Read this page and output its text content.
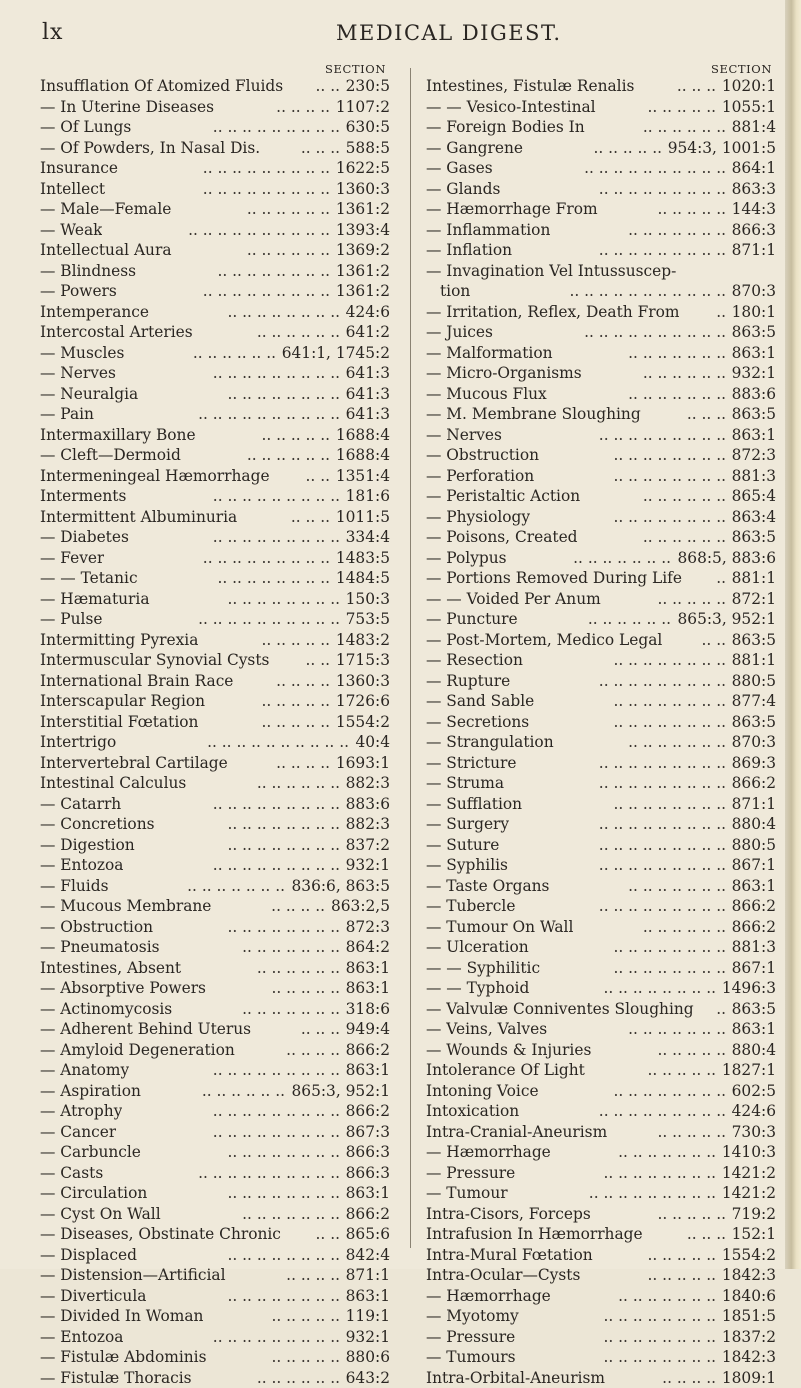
lx	MEDICAL DIGEST.
SECTION
Insufflation Of Atomized Fluids	.. .. 230:5
— In Uterine Diseases	.. .. .. .. 1107:2
— Of Lungs	.. .. .. .. .. .. .. .. .. 630:5
— Of Powders, In Nasal Dis.	.. .. .. 588:5
Insurance	.. .. .. .. .. .. .. .. .. 1622:5
Intellect	.. .. .. .. .. .. .. .. .. 1360:3
— Male—Female	.. .. .. .. .. .. 1361:2
— Weak	.. .. .. .. .. .. .. .. .. .. 1393:4
Intellectual Aura	.. .. .. .. .. .. 1369:2
— Blindness	.. .. .. .. .. .. .. .. 1361:2
— Powers	.. .. .. .. .. .. .. .. .. 1361:2
Intemperance	.. .. .. .. .. .. .. .. 424:6
Intercostal Arteries	.. .. .. .. .. .. 641:2
— Muscles	.. .. .. .. .. .. 641:1, 1745:2
— Nerves	.. .. .. .. .. .. .. .. .. 641:3
— Neuralgia	.. .. .. .. .. .. .. .. 641:3
— Pain	.. .. .. .. .. .. .. .. .. .. 641:3
Intermaxillary Bone	.. .. .. .. .. 1688:4
— Cleft—Dermoid	.. .. .. .. .. .. 1688:4
Intermeningeal Hæmorrhage	.. .. 1351:4
Interments	.. .. .. .. .. .. .. .. .. 181:6
Intermittent Albuminuria	.. .. .. 1011:5
— Diabetes	.. .. .. .. .. .. .. .. .. 334:4
— Fever	.. .. .. .. .. .. .. .. .. 1483:5
— — Tetanic	.. .. .. .. .. .. .. .. 1484:5
— Hæmaturia	.. .. .. .. .. .. .. .. 150:3
— Pulse	.. .. .. .. .. .. .. .. .. .. 753:5
Intermitting Pyrexia	.. .. .. .. .. 1483:2
Intermuscular Synovial Cysts	.. .. 1715:3
International Brain Race	.. .. .. .. 1360:3
Interscapular Region	.. .. .. .. .. 1726:6
Interstitial Fœtation	.. .. .. .. .. 1554:2
Intertrigo	.. .. .. .. .. .. .. .. .. .. 40:4
Intervertebral Cartilage	.. .. .. .. 1693:1
Intestinal Calculus	.. .. .. .. .. .. 882:3
— Catarrh	.. .. .. .. .. .. .. .. .. 883:6
— Concretions	.. .. .. .. .. .. .. .. 882:3
— Digestion	.. .. .. .. .. .. .. .. 837:2
— Entozoa	.. .. .. .. .. .. .. .. .. 932:1
— Fluids	.. .. .. .. .. .. .. 836:6, 863:5
— Mucous Membrane	.. .. .. .. 863:2,5
— Obstruction	.. .. .. .. .. .. .. .. 872:3
— Pneumatosis	.. .. .. .. .. .. .. 864:2
Intestines, Absent	.. .. .. .. .. .. 863:1
— Absorptive Powers	.. .. .. .. .. 863:1
— Actinomycosis	.. .. .. .. .. .. .. 318:6
— Adherent Behind Uterus	.. .. .. 949:4
— Amyloid Degeneration	.. .. .. .. 866:2
— Anatomy	.. .. .. .. .. .. .. .. .. 863:1
— Aspiration	.. .. .. .. .. .. 865:3, 952:1
— Atrophy	.. .. .. .. .. .. .. .. .. 866:2
— Cancer	.. .. .. .. .. .. .. .. .. 867:3
— Carbuncle	.. .. .. .. .. .. .. .. 866:3
— Casts	.. .. .. .. .. .. .. .. .. .. 866:3
— Circulation	.. .. .. .. .. .. .. .. 863:1
— Cyst On Wall	.. .. .. .. .. .. .. 866:2
— Diseases, Obstinate Chronic	.. .. 865:6
— Displaced	.. .. .. .. .. .. .. .. 842:4
— Distension—Artificial	.. .. .. .. 871:1
— Diverticula	.. .. .. .. .. .. .. .. 863:1
— Divided In Woman	.. .. .. .. .. 119:1
— Entozoa	.. .. .. .. .. .. .. .. .. 932:1
— Fistulæ Abdominis	.. .. .. .. .. 880:6
— Fistulæ Thoracis	.. .. .. .. .. .. 643:2
SECTION
Intestines, Fistulæ Renalis	.. .. .. 1020:1
— — Vesico-Intestinal	.. .. .. .. .. 1055:1
— Foreign Bodies In	.. .. .. .. .. .. 881:4
— Gangrene	.. .. .. .. .. 954:3, 1001:5
— Gases	.. .. .. .. .. .. .. .. .. .. 864:1
— Glands	.. .. .. .. .. .. .. .. .. 863:3
— Hæmorrhage From	.. .. .. .. .. 144:3
— Inflammation	.. .. .. .. .. .. .. 866:3
— Inflation	.. .. .. .. .. .. .. .. .. 871:1
— Invagination Vel Intussuscep-
tion	.. .. .. .. .. .. .. .. .. .. .. 870:3
— Irritation, Reflex, Death From	.. 180:1
— Juices	.. .. .. .. .. .. .. .. .. .. 863:5
— Malformation	.. .. .. .. .. .. .. 863:1
— Micro-Organisms	.. .. .. .. .. .. 932:1
— Mucous Flux	.. .. .. .. .. .. .. 883:6
— M. Membrane Sloughing	.. .. .. 863:5
— Nerves	.. .. .. .. .. .. .. .. .. 863:1
— Obstruction	.. .. .. .. .. .. .. .. 872:3
— Perforation	.. .. .. .. .. .. .. .. 881:3
— Peristaltic Action	.. .. .. .. .. .. 865:4
— Physiology	.. .. .. .. .. .. .. .. 863:4
— Poisons, Created	.. .. .. .. .. .. 863:5
— Polypus	.. .. .. .. .. .. .. 868:5, 883:6
— Portions Removed During Life	.. 881:1
— — Voided Per Anum	.. .. .. .. .. 872:1
— Puncture	.. .. .. .. .. .. 865:3, 952:1
— Post-Mortem, Medico Legal	.. .. 863:5
— Resection	.. .. .. .. .. .. .. .. 881:1
— Rupture	.. .. .. .. .. .. .. .. .. 880:5
— Sand Sable	.. .. .. .. .. .. .. .. 877:4
— Secretions	.. .. .. .. .. .. .. .. 863:5
— Strangulation	.. .. .. .. .. .. .. 870:3
— Stricture	.. .. .. .. .. .. .. .. .. 869:3
— Struma	.. .. .. .. .. .. .. .. .. 866:2
— Sufflation	.. .. .. .. .. .. .. .. 871:1
— Surgery	.. .. .. .. .. .. .. .. .. 880:4
— Suture	.. .. .. .. .. .. .. .. .. 880:5
— Syphilis	.. .. .. .. .. .. .. .. .. 867:1
— Taste Organs	.. .. .. .. .. .. .. 863:1
— Tubercle	.. .. .. .. .. .. .. .. .. 866:2
— Tumour On Wall	.. .. .. .. .. .. 866:2
— Ulceration	.. .. .. .. .. .. .. .. 881:3
— — Syphilitic	.. .. .. .. .. .. .. .. 867:1
— — Typhoid	.. .. .. .. .. .. .. .. 1496:3
— Valvulæ Conniventes Sloughing	.. 863:5
— Veins, Valves	.. .. .. .. .. .. .. 863:1
— Wounds & Injuries	.. .. .. .. .. 880:4
Intolerance Of Light	.. .. .. .. .. 1827:1
Intoning Voice	.. .. .. .. .. .. .. .. 602:5
Intoxication	.. .. .. .. .. .. .. .. .. 424:6
Intra-Cranial-Aneurism	.. .. .. .. .. 730:3
— Hæmorrhage	.. .. .. .. .. .. .. 1410:3
— Pressure	.. .. .. .. .. .. .. .. 1421:2
— Tumour	.. .. .. .. .. .. .. .. .. 1421:2
Intra-Cisors, Forceps	.. .. .. .. .. 719:2
Intrafusion In Hæmorrhage	.. .. .. 152:1
Intra-Mural Fœtation	.. .. .. .. .. 1554:2
Intra-Ocular—Cysts	.. .. .. .. .. 1842:3
— Hæmorrhage	.. .. .. .. .. .. .. 1840:6
— Myotomy	.. .. .. .. .. .. .. .. 1851:5
— Pressure	.. .. .. .. .. .. .. .. 1837:2
— Tumours	.. .. .. .. .. .. .. .. 1842:3
Intra-Orbital-Aneurism	.. .. .. .. 1809:1
